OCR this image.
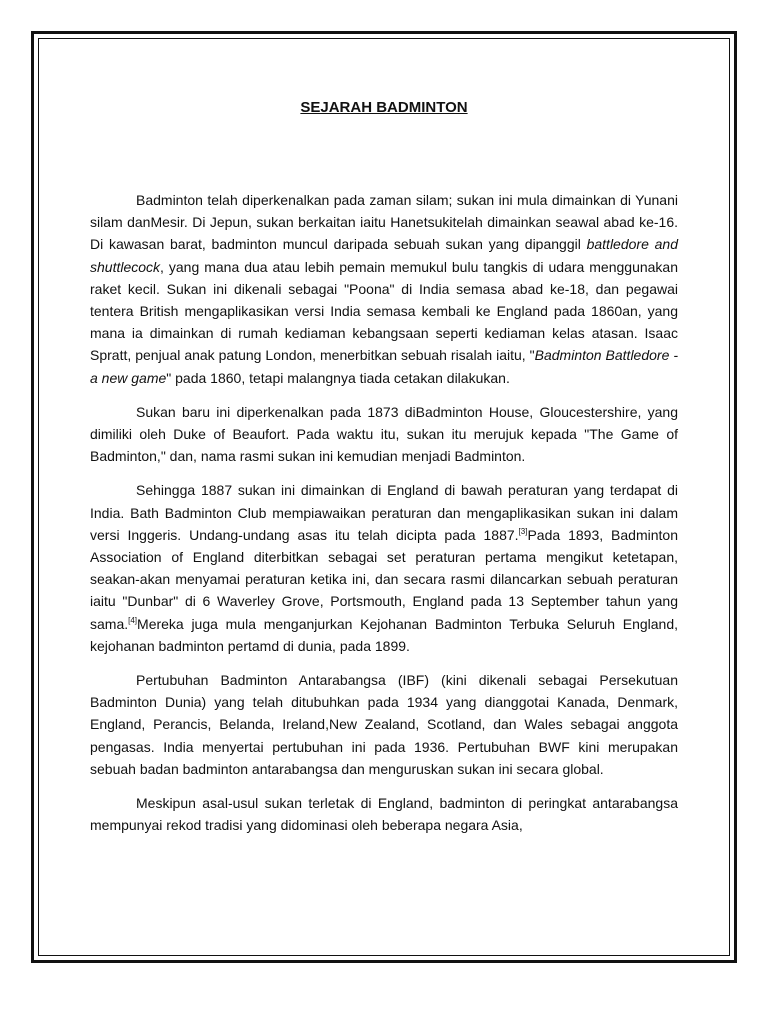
SEJARAH BADMINTON

Badminton telah diperkenalkan pada zaman silam; sukan ini mula dimainkan di Yunani silam danMesir. Di Jepun, sukan berkaitan iaitu Hanetsukitelah dimainkan seawal abad ke-16. Di kawasan barat, badminton muncul daripada sebuah sukan yang dipanggil battledore and shuttlecock, yang mana dua atau lebih pemain memukul bulu tangkis di udara menggunakan raket kecil. Sukan ini dikenali sebagai "Poona" di India semasa abad ke-18, dan pegawai tentera British mengaplikasikan versi India semasa kembali ke England pada 1860an, yang mana ia dimainkan di rumah kediaman kebangsaan seperti kediaman kelas atasan. Isaac Spratt, penjual anak patung London, menerbitkan sebuah risalah iaitu, "Badminton Battledore - a new game" pada 1860, tetapi malangnya tiada cetakan dilakukan.

Sukan baru ini diperkenalkan pada 1873 diBadminton House, Gloucestershire, yang dimiliki oleh Duke of Beaufort. Pada waktu itu, sukan itu merujuk kepada "The Game of Badminton," dan, nama rasmi sukan ini kemudian menjadi Badminton.

Sehingga 1887 sukan ini dimainkan di England di bawah peraturan yang terdapat di India. Bath Badminton Club mempiawaikan peraturan dan mengaplikasikan sukan ini dalam versi Inggeris. Undang-undang asas itu telah dicipta pada 1887.[3]Pada 1893, Badminton Association of England diterbitkan sebagai set peraturan pertama mengikut ketetapan, seakan-akan menyamai peraturan ketika ini, dan secara rasmi dilancarkan sebuah peraturan iaitu "Dunbar" di 6 Waverley Grove, Portsmouth, England pada 13 September tahun yang sama.[4]Mereka juga mula menganjurkan Kejohanan Badminton Terbuka Seluruh England, kejohanan badminton pertamd di dunia, pada 1899.

Pertubuhan Badminton Antarabangsa (IBF) (kini dikenali sebagai Persekutuan Badminton Dunia) yang telah ditubuhkan pada 1934 yang dianggotai Kanada, Denmark, England, Perancis, Belanda, Ireland,New Zealand, Scotland, dan Wales sebagai anggota pengasas. India menyertai pertubuhan ini pada 1936. Pertubuhan BWF kini merupakan sebuah badan badminton antarabangsa dan menguruskan sukan ini secara global.

Meskipun asal-usul sukan terletak di England, badminton di peringkat antarabangsa mempunyai rekod tradisi yang didominasi oleh beberapa negara Asia,
